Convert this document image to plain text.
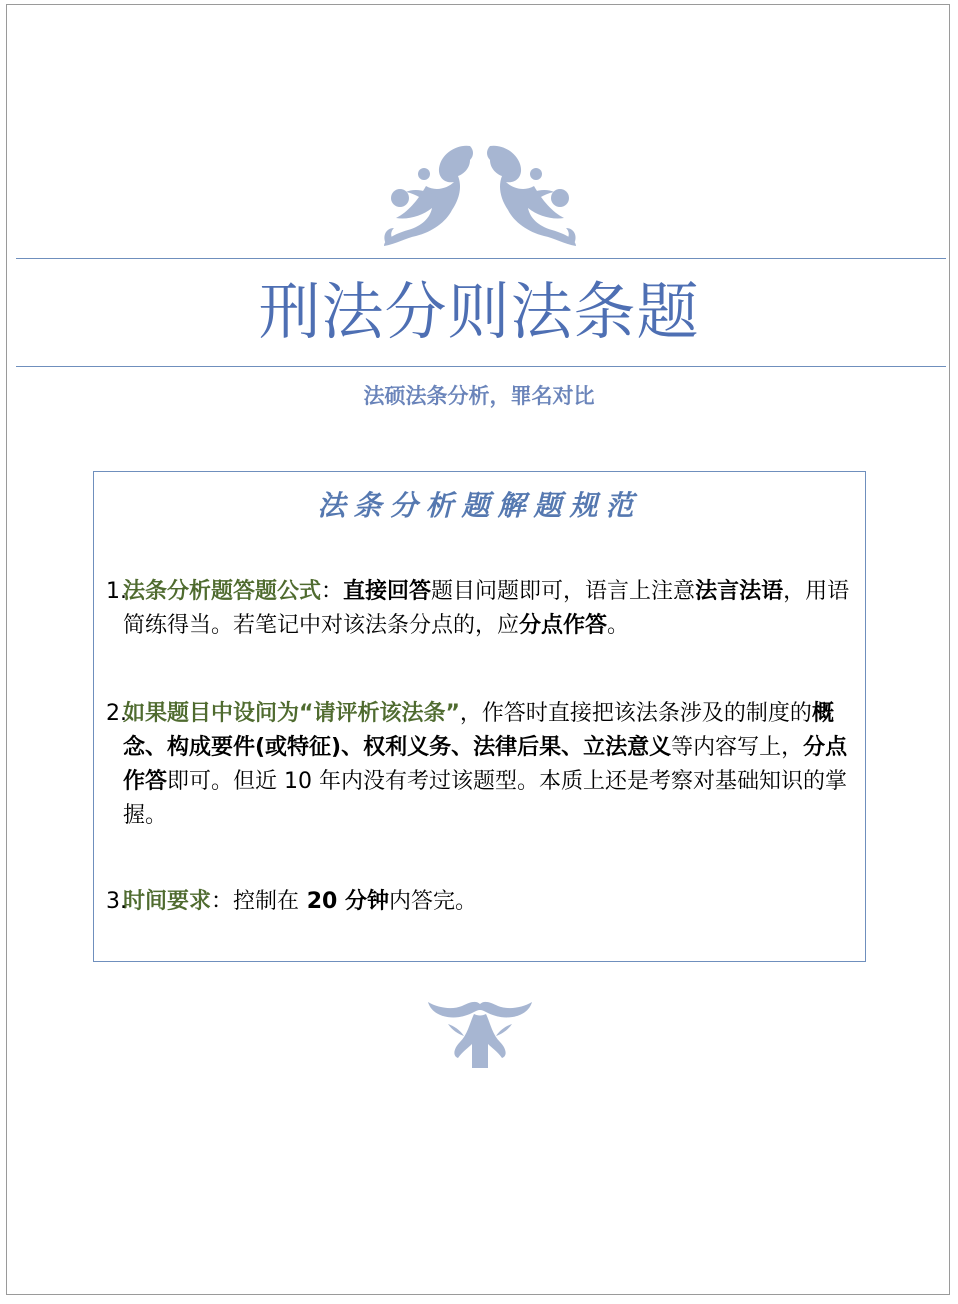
刑法分则法条题
法硕法条分析，罪名对比
法条分析题解题规范
1.
法条分析题答题公式：直接回答题目问题即可，语言上注意法言法语，用语简练得当。若笔记中对该法条分点的，应分点作答。
2.
如果题目中设问为“请评析该法条”，作答时直接把该法条涉及的制度的概念、构成要件(或特征)、权利义务、法律后果、立法意义等内容写上，分点作答即可。但近 10 年内没有考过该题型。本质上还是考察对基础知识的掌握。
3.
时间要求：控制在 20 分钟内答完。
